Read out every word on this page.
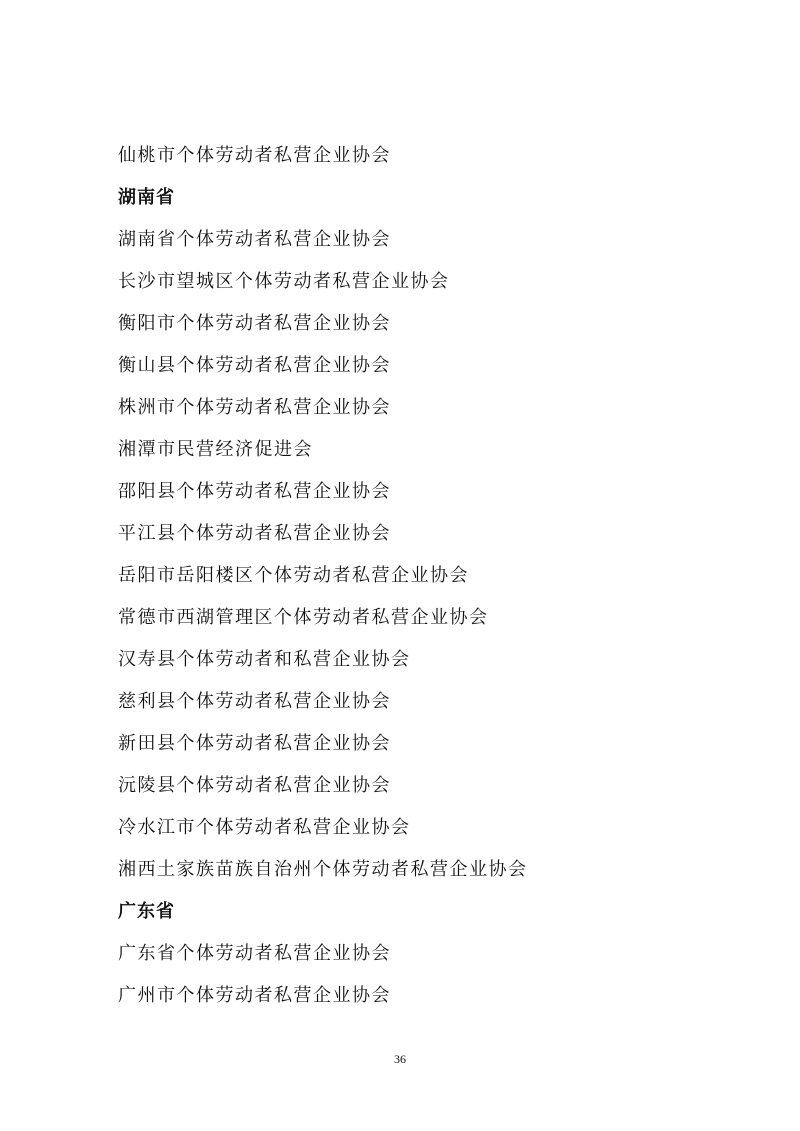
仙桃市个体劳动者私营企业协会
湖南省
湖南省个体劳动者私营企业协会
长沙市望城区个体劳动者私营企业协会
衡阳市个体劳动者私营企业协会
衡山县个体劳动者私营企业协会
株洲市个体劳动者私营企业协会
湘潭市民营经济促进会
邵阳县个体劳动者私营企业协会
平江县个体劳动者私营企业协会
岳阳市岳阳楼区个体劳动者私营企业协会
常德市西湖管理区个体劳动者私营企业协会
汉寿县个体劳动者和私营企业协会
慈利县个体劳动者私营企业协会
新田县个体劳动者私营企业协会
沅陵县个体劳动者私营企业协会
冷水江市个体劳动者私营企业协会
湘西土家族苗族自治州个体劳动者私营企业协会
广东省
广东省个体劳动者私营企业协会
广州市个体劳动者私营企业协会
36
